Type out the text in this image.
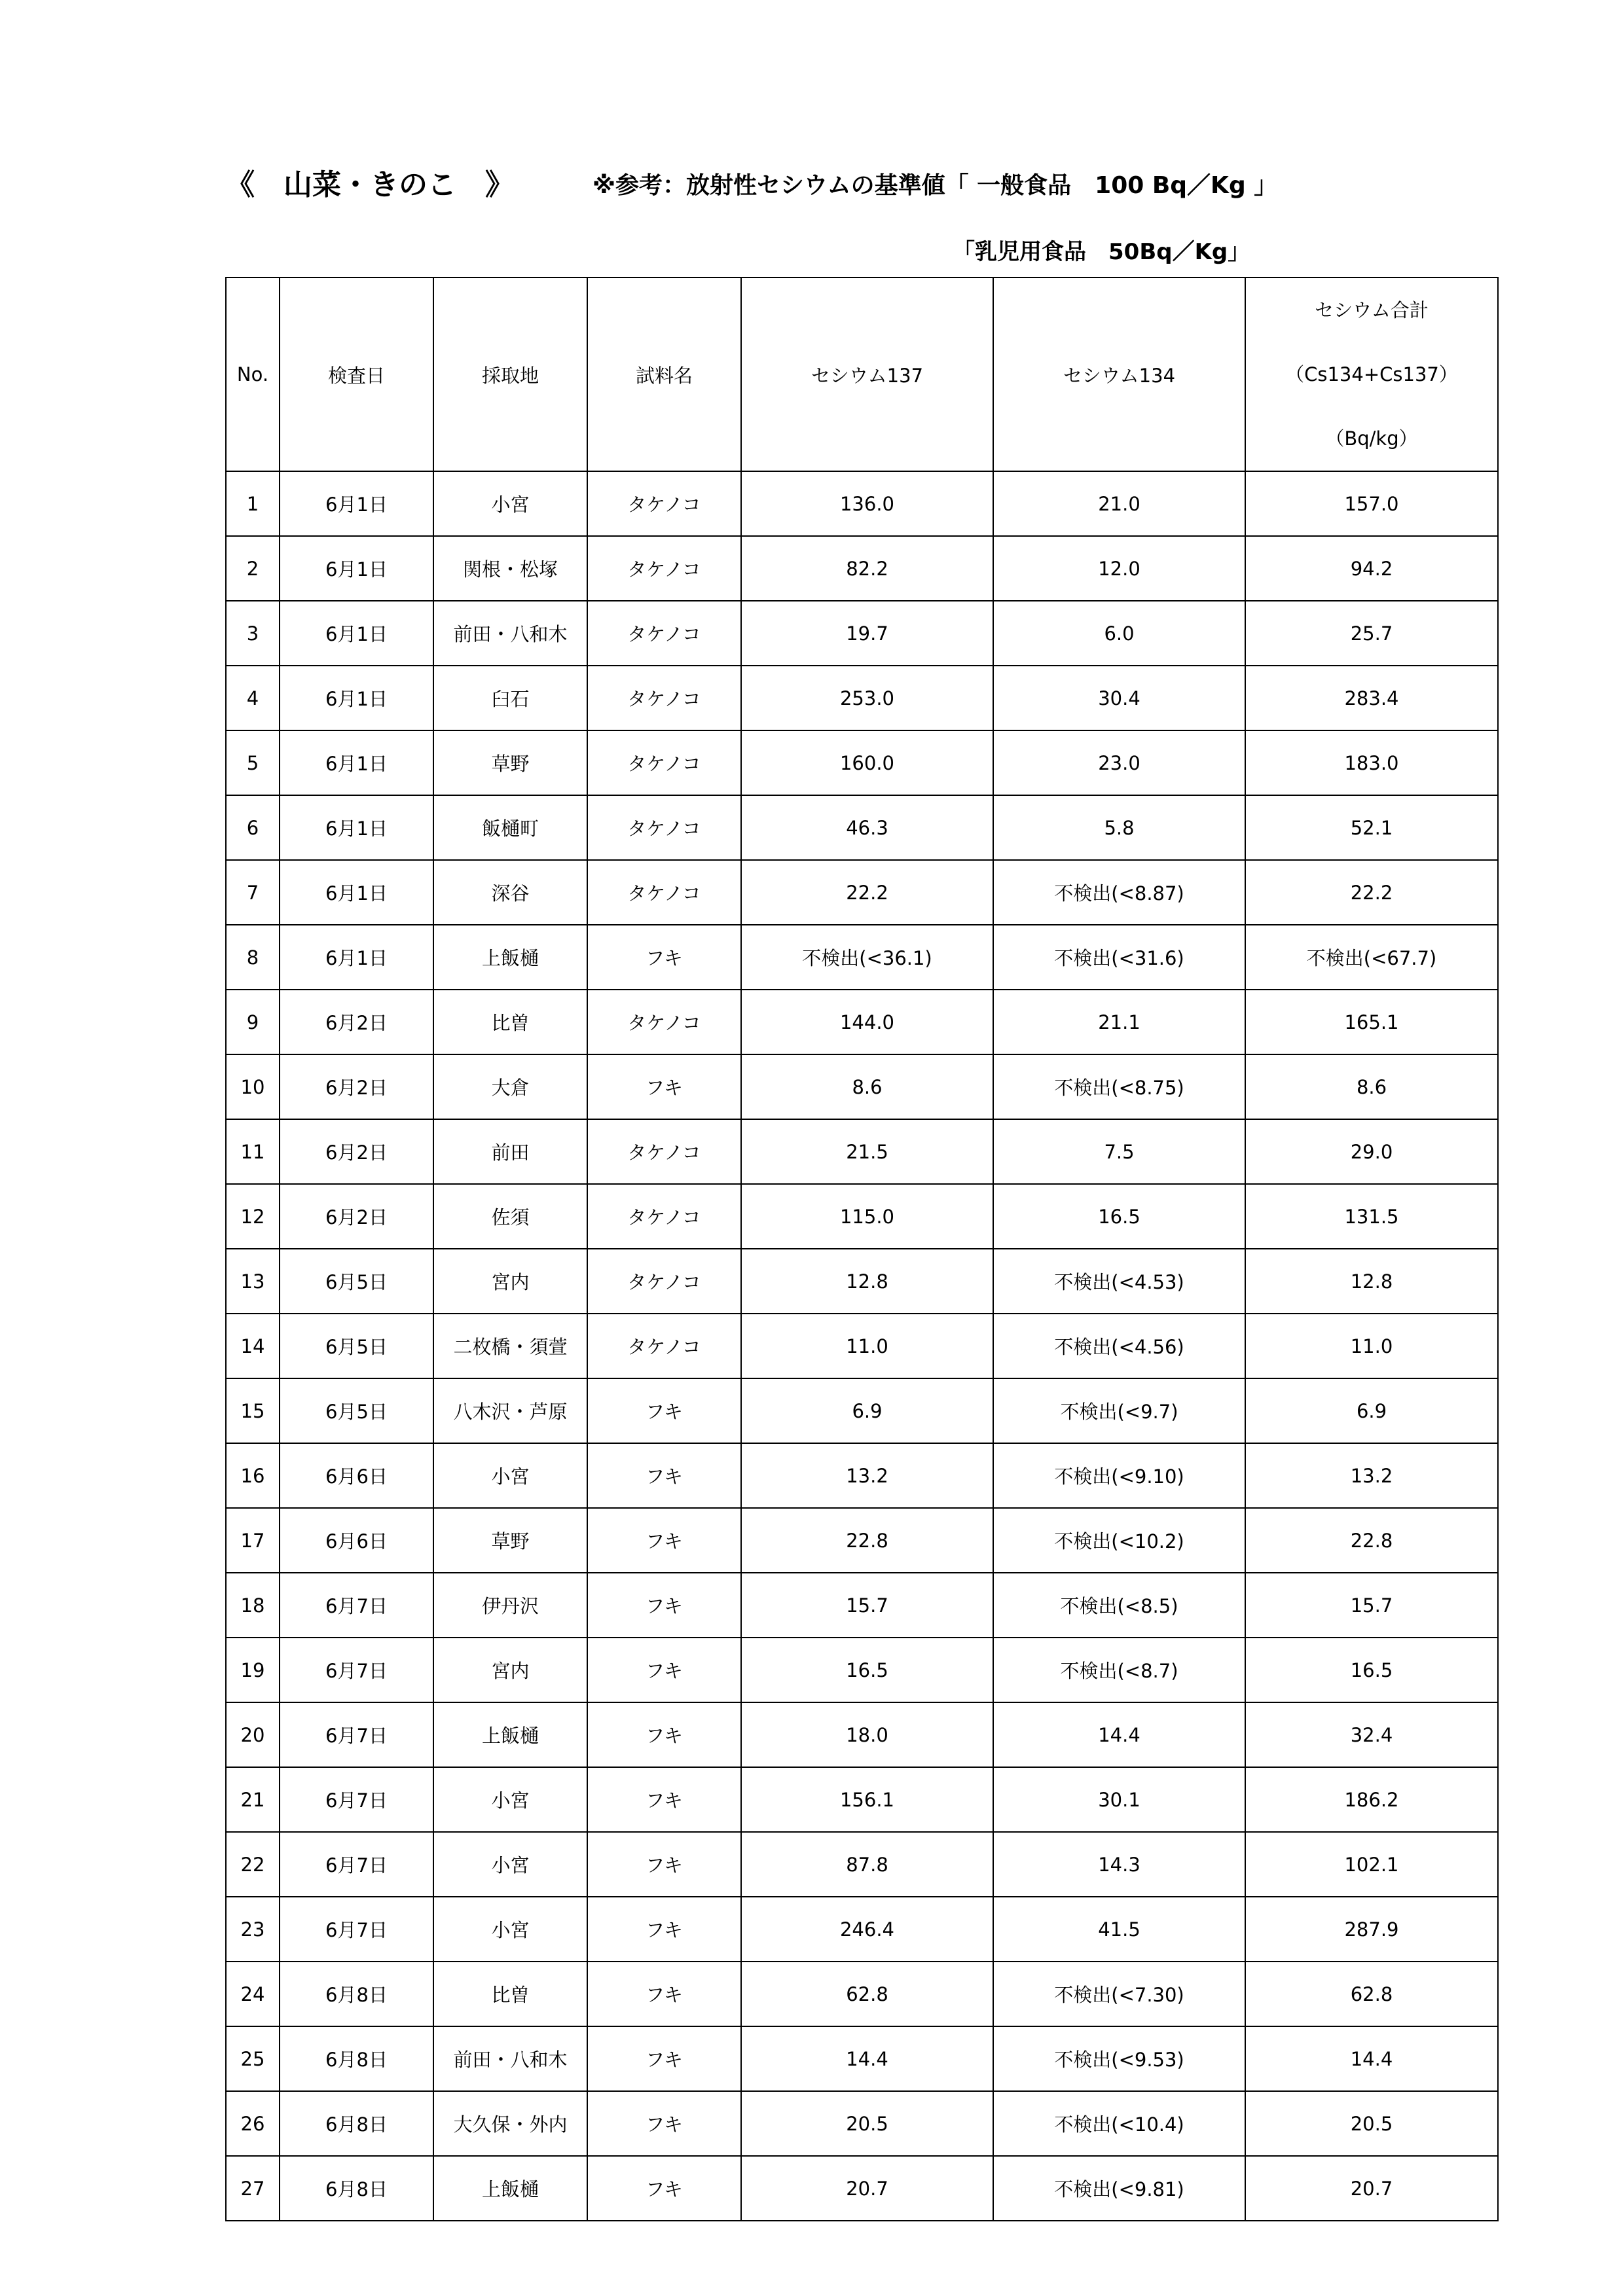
《　山菜・きのこ　》	※参考：放射性セシウムの基準値「 一般食品　100 Bq／Kg 」
「乳児用食品　50Bq／Kg」
No.	検査日	採取地	試料名	セシウム137	セシウム134	セシウム合計
（Cs134+Cs137）
（Bq/kg）

1	6月1日	小宮	タケノコ	136.0	21.0	157.0
2	6月1日	関根・松塚	タケノコ	82.2	12.0	94.2
3	6月1日	前田・八和木	タケノコ	19.7	6.0	25.7
4	6月1日	臼石	タケノコ	253.0	30.4	283.4
5	6月1日	草野	タケノコ	160.0	23.0	183.0
6	6月1日	飯樋町	タケノコ	46.3	5.8	52.1
7	6月1日	深谷	タケノコ	22.2	不検出(<8.87)	22.2
8	6月1日	上飯樋	フキ	不検出(<36.1)	不検出(<31.6)	不検出(<67.7)
9	6月2日	比曽	タケノコ	144.0	21.1	165.1
10	6月2日	大倉	フキ	8.6	不検出(<8.75)	8.6
11	6月2日	前田	タケノコ	21.5	7.5	29.0
12	6月2日	佐須	タケノコ	115.0	16.5	131.5
13	6月5日	宮内	タケノコ	12.8	不検出(<4.53)	12.8
14	6月5日	二枚橋・須萱	タケノコ	11.0	不検出(<4.56)	11.0
15	6月5日	八木沢・芦原	フキ	6.9	不検出(<9.7)	6.9
16	6月6日	小宮	フキ	13.2	不検出(<9.10)	13.2
17	6月6日	草野	フキ	22.8	不検出(<10.2)	22.8
18	6月7日	伊丹沢	フキ	15.7	不検出(<8.5)	15.7
19	6月7日	宮内	フキ	16.5	不検出(<8.7)	16.5
20	6月7日	上飯樋	フキ	18.0	14.4	32.4
21	6月7日	小宮	フキ	156.1	30.1	186.2
22	6月7日	小宮	フキ	87.8	14.3	102.1
23	6月7日	小宮	フキ	246.4	41.5	287.9
24	6月8日	比曽	フキ	62.8	不検出(<7.30)	62.8
25	6月8日	前田・八和木	フキ	14.4	不検出(<9.53)	14.4
26	6月8日	大久保・外内	フキ	20.5	不検出(<10.4)	20.5
27	6月8日	上飯樋	フキ	20.7	不検出(<9.81)	20.7
